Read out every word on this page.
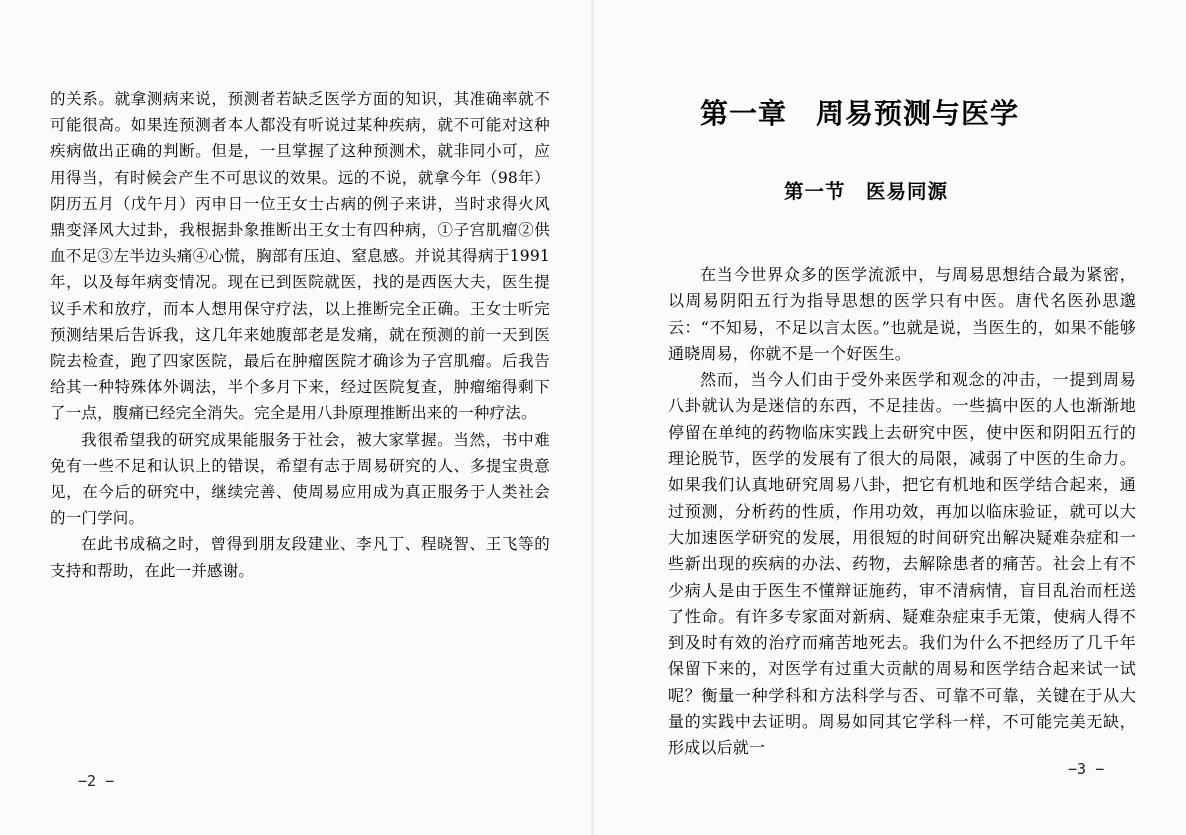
的关系。就拿测病来说，预测者若缺乏医学方面的知识，其准确率就不可能很高。如果连预测者本人都没有听说过某种疾病，就不可能对这种疾病做出正确的判断。但是，一旦掌握了这种预测术，就非同小可，应用得当，有时候会产生不可思议的效果。远的不说，就拿今年（98年）阴历五月（戊午月）丙申日一位王女士占病的例子来讲，当时求得火风鼎变泽风大过卦，我根据卦象推断出王女士有四种病，①子宫肌瘤②供血不足③左半边头痛④心慌，胸部有压迫、窒息感。并说其得病于1991年，以及每年病变情况。现在已到医院就医，找的是西医大夫，医生提议手术和放疗，而本人想用保守疗法，以上推断完全正确。王女士听完预测结果后告诉我，这几年来她腹部老是发痛，就在预测的前一天到医院去检查，跑了四家医院，最后在肿瘤医院才确诊为子宫肌瘤。后我告给其一种特殊体外调法，半个多月下来，经过医院复查，肿瘤缩得剩下了一点，腹痛已经完全消失。完全是用八卦原理推断出来的一种疗法。

我很希望我的研究成果能服务于社会，被大家掌握。当然，书中难免有一些不足和认识上的错误，希望有志于周易研究的人、多提宝贵意见，在今后的研究中，继续完善、使周易应用成为真正服务于人类社会的一门学问。

在此书成稿之时，曾得到朋友段建业、李凡丁、程晓智、王飞等的支持和帮助，在此一并感谢。

−2 −
第一章　周易预测与医学
第一节　医易同源

在当今世界众多的医学流派中，与周易思想结合最为紧密，以周易阴阳五行为指导思想的医学只有中医。唐代名医孙思邈云：“不知易，不足以言太医。”也就是说，当医生的，如果不能够通晓周易，你就不是一个好医生。

然而，当今人们由于受外来医学和观念的冲击，一提到周易八卦就认为是迷信的东西，不足挂齿。一些搞中医的人也渐渐地停留在单纯的药物临床实践上去研究中医，使中医和阴阳五行的理论脱节，医学的发展有了很大的局限，减弱了中医的生命力。如果我们认真地研究周易八卦，把它有机地和医学结合起来，通过预测，分析药的性质，作用功效，再加以临床验证，就可以大大加速医学研究的发展，用很短的时间研究出解决疑难杂症和一些新出现的疾病的办法、药物，去解除患者的痛苦。社会上有不少病人是由于医生不懂辩证施药，审不清病情，盲目乱治而枉送了性命。有许多专家面对新病、疑难杂症束手无策，使病人得不到及时有效的治疗而痛苦地死去。我们为什么不把经历了几千年保留下来的，对医学有过重大贡献的周易和医学结合起来试一试呢？衡量一种学科和方法科学与否、可靠不可靠，关键在于从大量的实践中去证明。周易如同其它学科一样，不可能完美无缺，形成以后就一

−3 −
